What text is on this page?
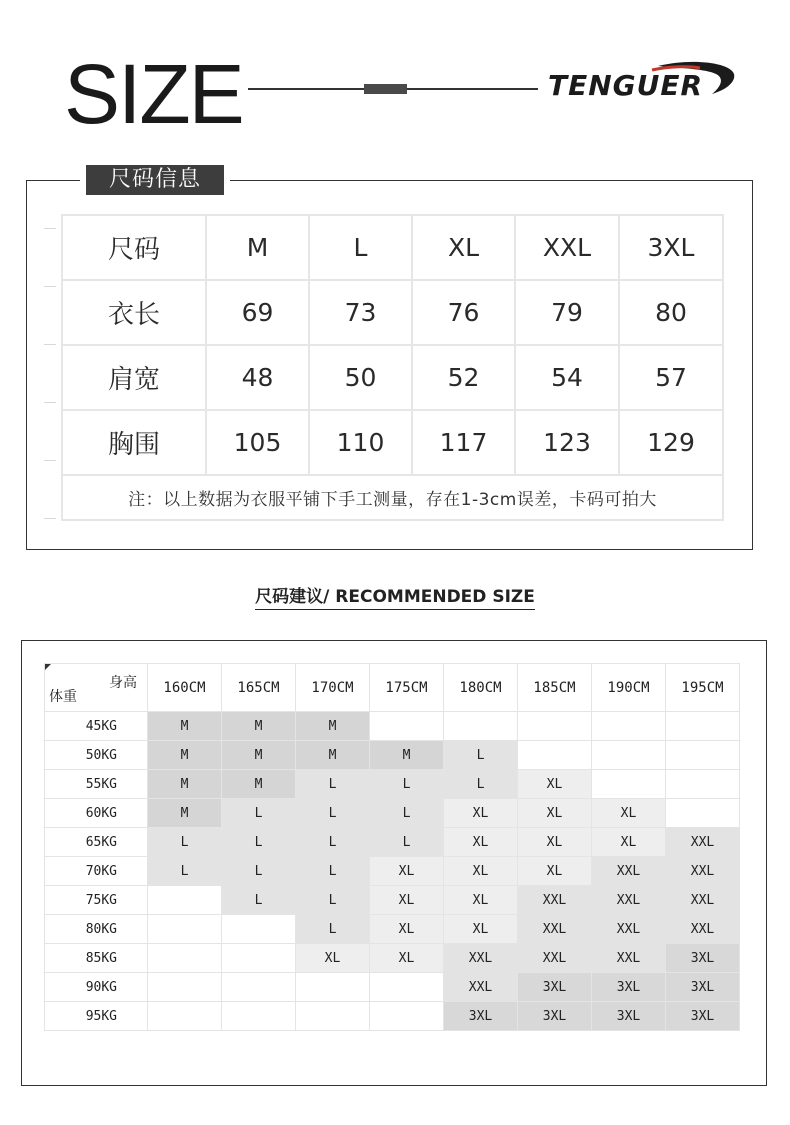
SIZE	TENGUER

尺码信息
尺码	M	L	XL	XXL	3XL
衣长	69	73	76	79	80
肩宽	48	50	52	54	57
胸围	105	110	117	123	129
注：以上数据为衣服平铺下手工测量，存在1-3cm误差，卡码可拍大					
尺码建议/ RECOMMENDED SIZE
身高
体重	160CM	165CM	170CM	175CM	180CM	185CM	190CM	195CM
45KG	M	M	M					
50KG	M	M	M	M	L			
55KG	M	M	L	L	L	XL		
60KG	M	L	L	L	XL	XL	XL	
65KG	L	L	L	L	XL	XL	XL	XXL
70KG	L	L	L	XL	XL	XL	XXL	XXL
75KG		L	L	XL	XL	XXL	XXL	XXL
80KG			L	XL	XL	XXL	XXL	XXL
85KG			XL	XL	XXL	XXL	XXL	3XL
90KG					XXL	3XL	3XL	3XL
95KG					3XL	3XL	3XL	3XL
